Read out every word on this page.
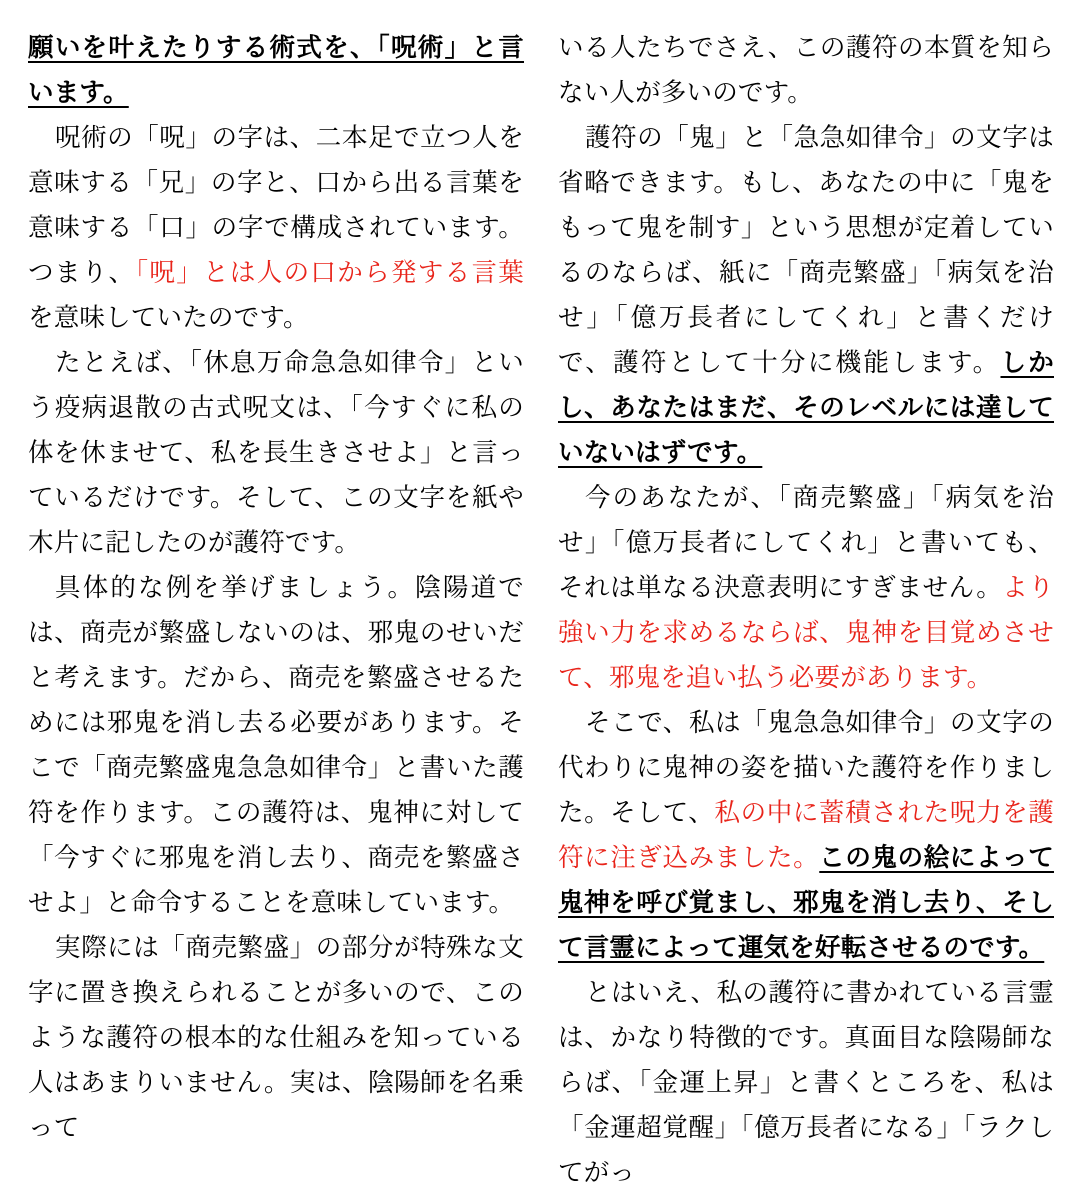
願いを叶えたりする術式を、「呪術」と言います。

呪術の「呪」の字は、二本足で立つ人を意味する「兄」の字と、口から出る言葉を意味する「口」の字で構成されています。つまり、「呪」とは人の口から発する言葉を意味していたのです。

たとえば、「休息万命急急如律令」という疫病退散の古式呪文は、「今すぐに私の体を休ませて、私を長生きさせよ」と言っているだけです。そして、この文字を紙や木片に記したのが護符です。

具体的な例を挙げましょう。陰陽道では、商売が繁盛しないのは、邪鬼のせいだと考えます。だから、商売を繁盛させるためには邪鬼を消し去る必要があります。そこで「商売繁盛鬼急急如律令」と書いた護符を作ります。この護符は、鬼神に対して「今すぐに邪鬼を消し去り、商売を繁盛させよ」と命令することを意味しています。

実際には「商売繁盛」の部分が特殊な文字に置き換えられることが多いので、このような護符の根本的な仕組みを知っている人はあまりいません。実は、陰陽師を名乗って

いる人たちでさえ、この護符の本質を知らない人が多いのです。

護符の「鬼」と「急急如律令」の文字は省略できます。もし、あなたの中に「鬼をもって鬼を制す」という思想が定着しているのならば、紙に「商売繁盛」「病気を治せ」「億万長者にしてくれ」と書くだけで、護符として十分に機能します。しかし、あなたはまだ、そのレベルには達していないはずです。

今のあなたが、「商売繁盛」「病気を治せ」「億万長者にしてくれ」と書いても、それは単なる決意表明にすぎません。より強い力を求めるならば、鬼神を目覚めさせて、邪鬼を追い払う必要があります。

そこで、私は「鬼急急如律令」の文字の代わりに鬼神の姿を描いた護符を作りました。そして、私の中に蓄積された呪力を護符に注ぎ込みました。この鬼の絵によって鬼神を呼び覚まし、邪鬼を消し去り、そして言霊によって運気を好転させるのです。

とはいえ、私の護符に書かれている言霊は、かなり特徴的です。真面目な陰陽師ならば、「金運上昇」と書くところを、私は「金運超覚醒」「億万長者になる」「ラクしてがっ
